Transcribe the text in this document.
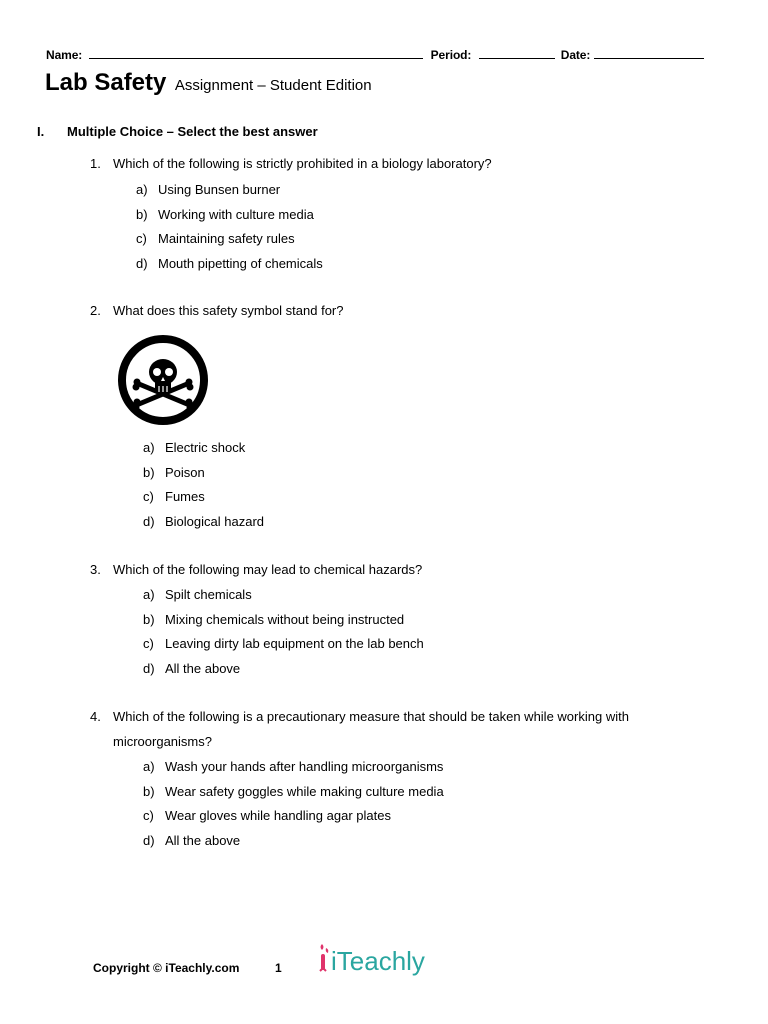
Name:	Period:	Date:
Lab Safety Assignment – Student Edition
I. Multiple Choice – Select the best answer
1. Which of the following is strictly prohibited in a biology laboratory?
a) Using Bunsen burner
b) Working with culture media
c) Maintaining safety rules
d) Mouth pipetting of chemicals
2. What does this safety symbol stand for?
a) Electric shock
b) Poison
c) Fumes
d) Biological hazard
3. Which of the following may lead to chemical hazards?
a) Spilt chemicals
b) Mixing chemicals without being instructed
c) Leaving dirty lab equipment on the lab bench
d) All the above
4. Which of the following is a precautionary measure that should be taken while working with
microorganisms?
a) Wash your hands after handling microorganisms
b) Wear safety goggles while making culture media
c) Wear gloves while handling agar plates
d) All the above
Copyright © iTeachly.com	1 iTeachly
